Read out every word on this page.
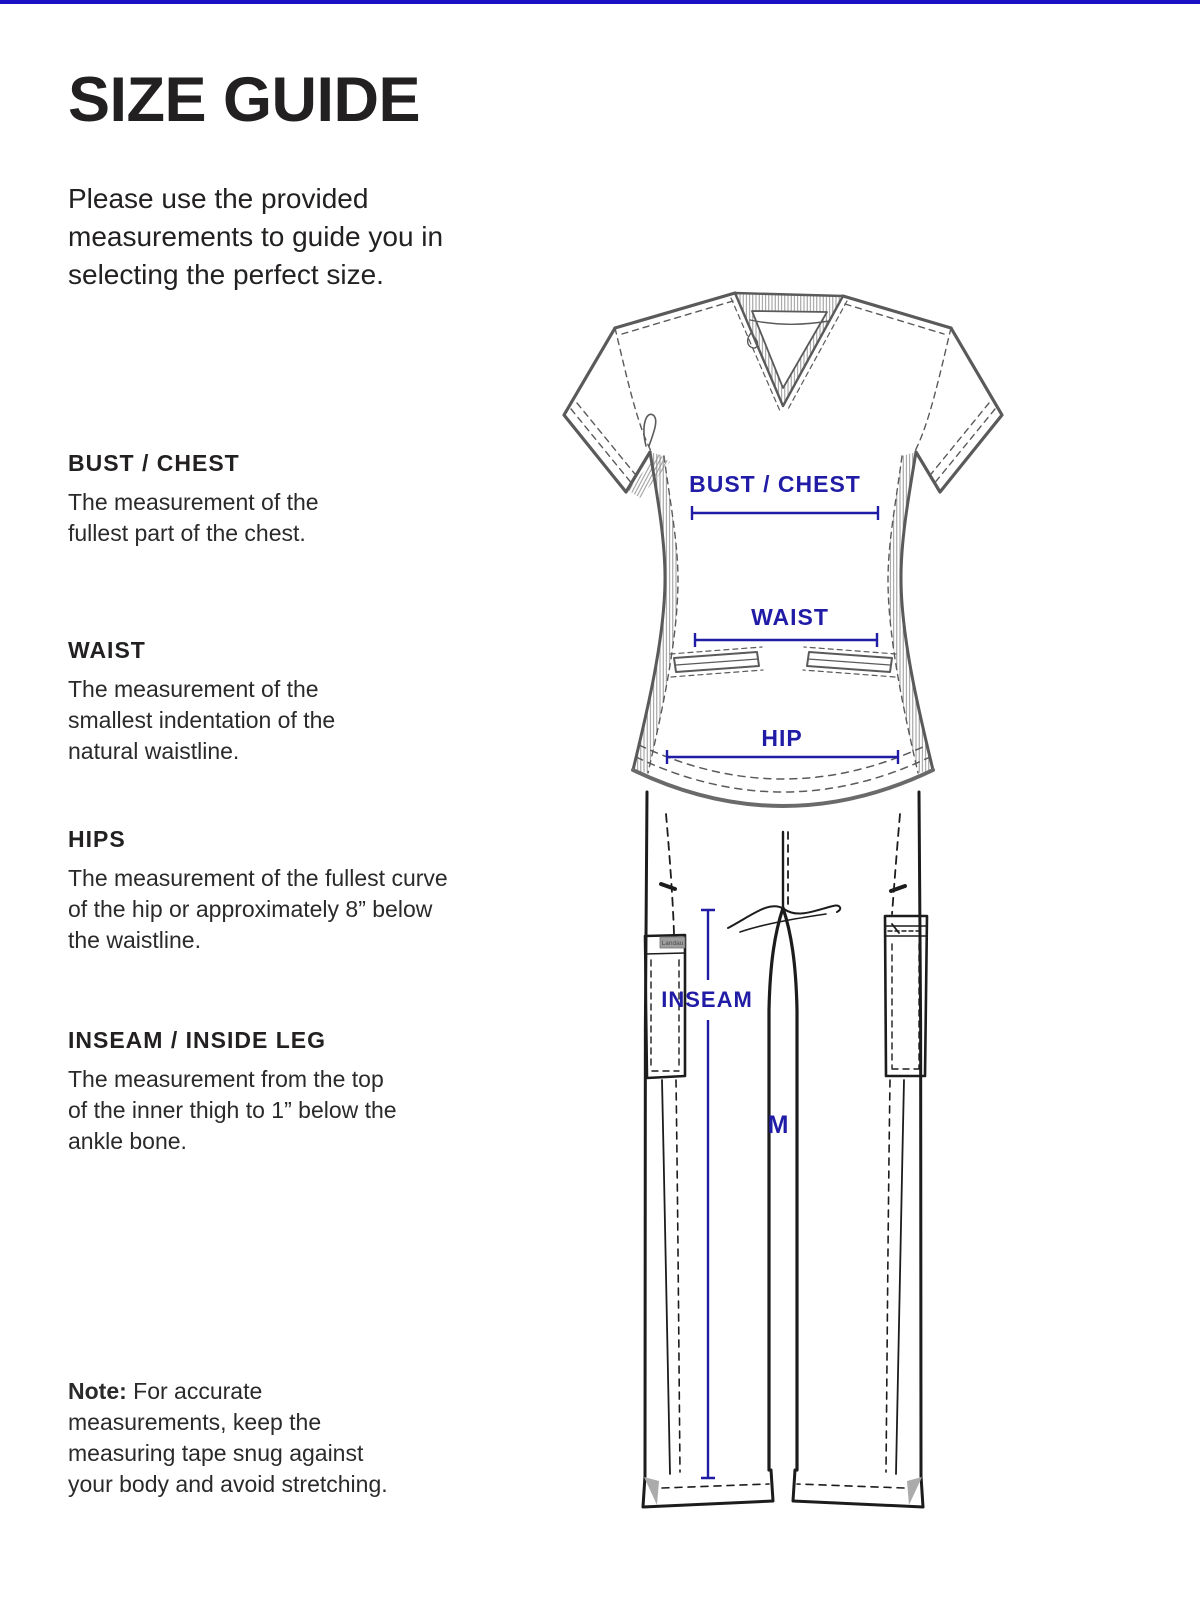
SIZE GUIDE
Please use the provided measurements to guide you in selecting the perfect size.
BUST / CHEST

The measurement of the fullest part of the chest.

WAIST

The measurement of the smallest indentation of the natural waistline.

HIPS

The measurement of the fullest curve of the hip or approximately 8” below the waistline.

INSEAM / INSIDE LEG

The measurement from the top of the inner thigh to 1” below the ankle bone.

Note: For accurate measurements, keep the measuring tape snug against your body and avoid stretching.
Landau
BUST / CHEST
WAIST
HIP
INSEAM
M
